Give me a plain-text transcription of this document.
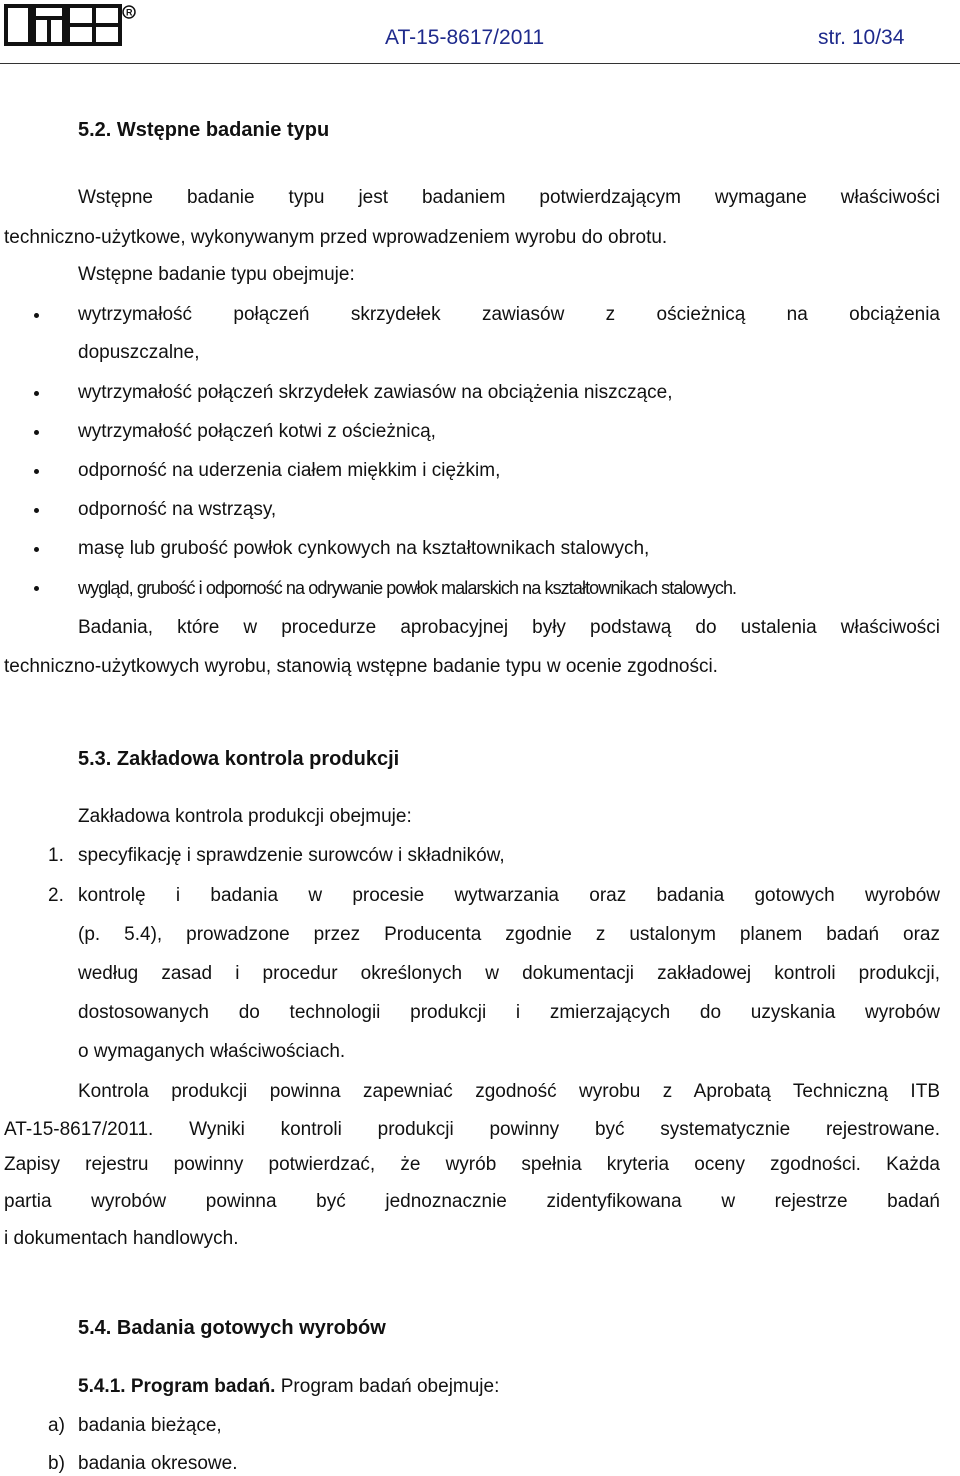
R
AT-15-8617/2011	str. 10/34
5.2. Wstępne badanie typu
Wstępne badanie typu jest badaniem potwierdzającym wymagane właściwości
techniczno-użytkowe, wykonywanym przed wprowadzeniem wyrobu do obrotu.
Wstępne badanie typu obejmuje:
wytrzymałość połączeń skrzydełek zawiasów z ościeżnicą na obciążenia
dopuszczalne,
wytrzymałość połączeń skrzydełek zawiasów na obciążenia niszczące,
wytrzymałość połączeń kotwi z ościeżnicą,
odporność na uderzenia ciałem miękkim i ciężkim,
odporność na wstrząsy,
masę lub grubość powłok cynkowych na kształtownikach stalowych,
wygląd, grubość i odporność na odrywanie powłok malarskich na kształtownikach stalowych.
Badania, które w procedurze aprobacyjnej były podstawą do ustalenia właściwości
techniczno-użytkowych wyrobu, stanowią wstępne badanie typu w ocenie zgodności.
5.3. Zakładowa kontrola produkcji
Zakładowa kontrola produkcji obejmuje:
1. specyfikację i sprawdzenie surowców i składników,
2. kontrolę i badania w procesie wytwarzania oraz badania gotowych wyrobów
(p. 5.4), prowadzone przez Producenta zgodnie z ustalonym planem badań oraz
według zasad i procedur określonych w dokumentacji zakładowej kontroli produkcji,
dostosowanych do technologii produkcji i zmierzających do uzyskania wyrobów
o wymaganych właściwościach.
Kontrola produkcji powinna zapewniać zgodność wyrobu z Aprobatą Techniczną ITB
AT-15-8617/2011. Wyniki kontroli produkcji powinny być systematycznie rejestrowane.
Zapisy rejestru powinny potwierdzać, że wyrób spełnia kryteria oceny zgodności. Każda
partia wyrobów powinna być jednoznacznie zidentyfikowana w rejestrze badań
i dokumentach handlowych.
5.4. Badania gotowych wyrobów
5.4.1. Program badań. Program badań obejmuje:
a) badania bieżące,
b) badania okresowe.
